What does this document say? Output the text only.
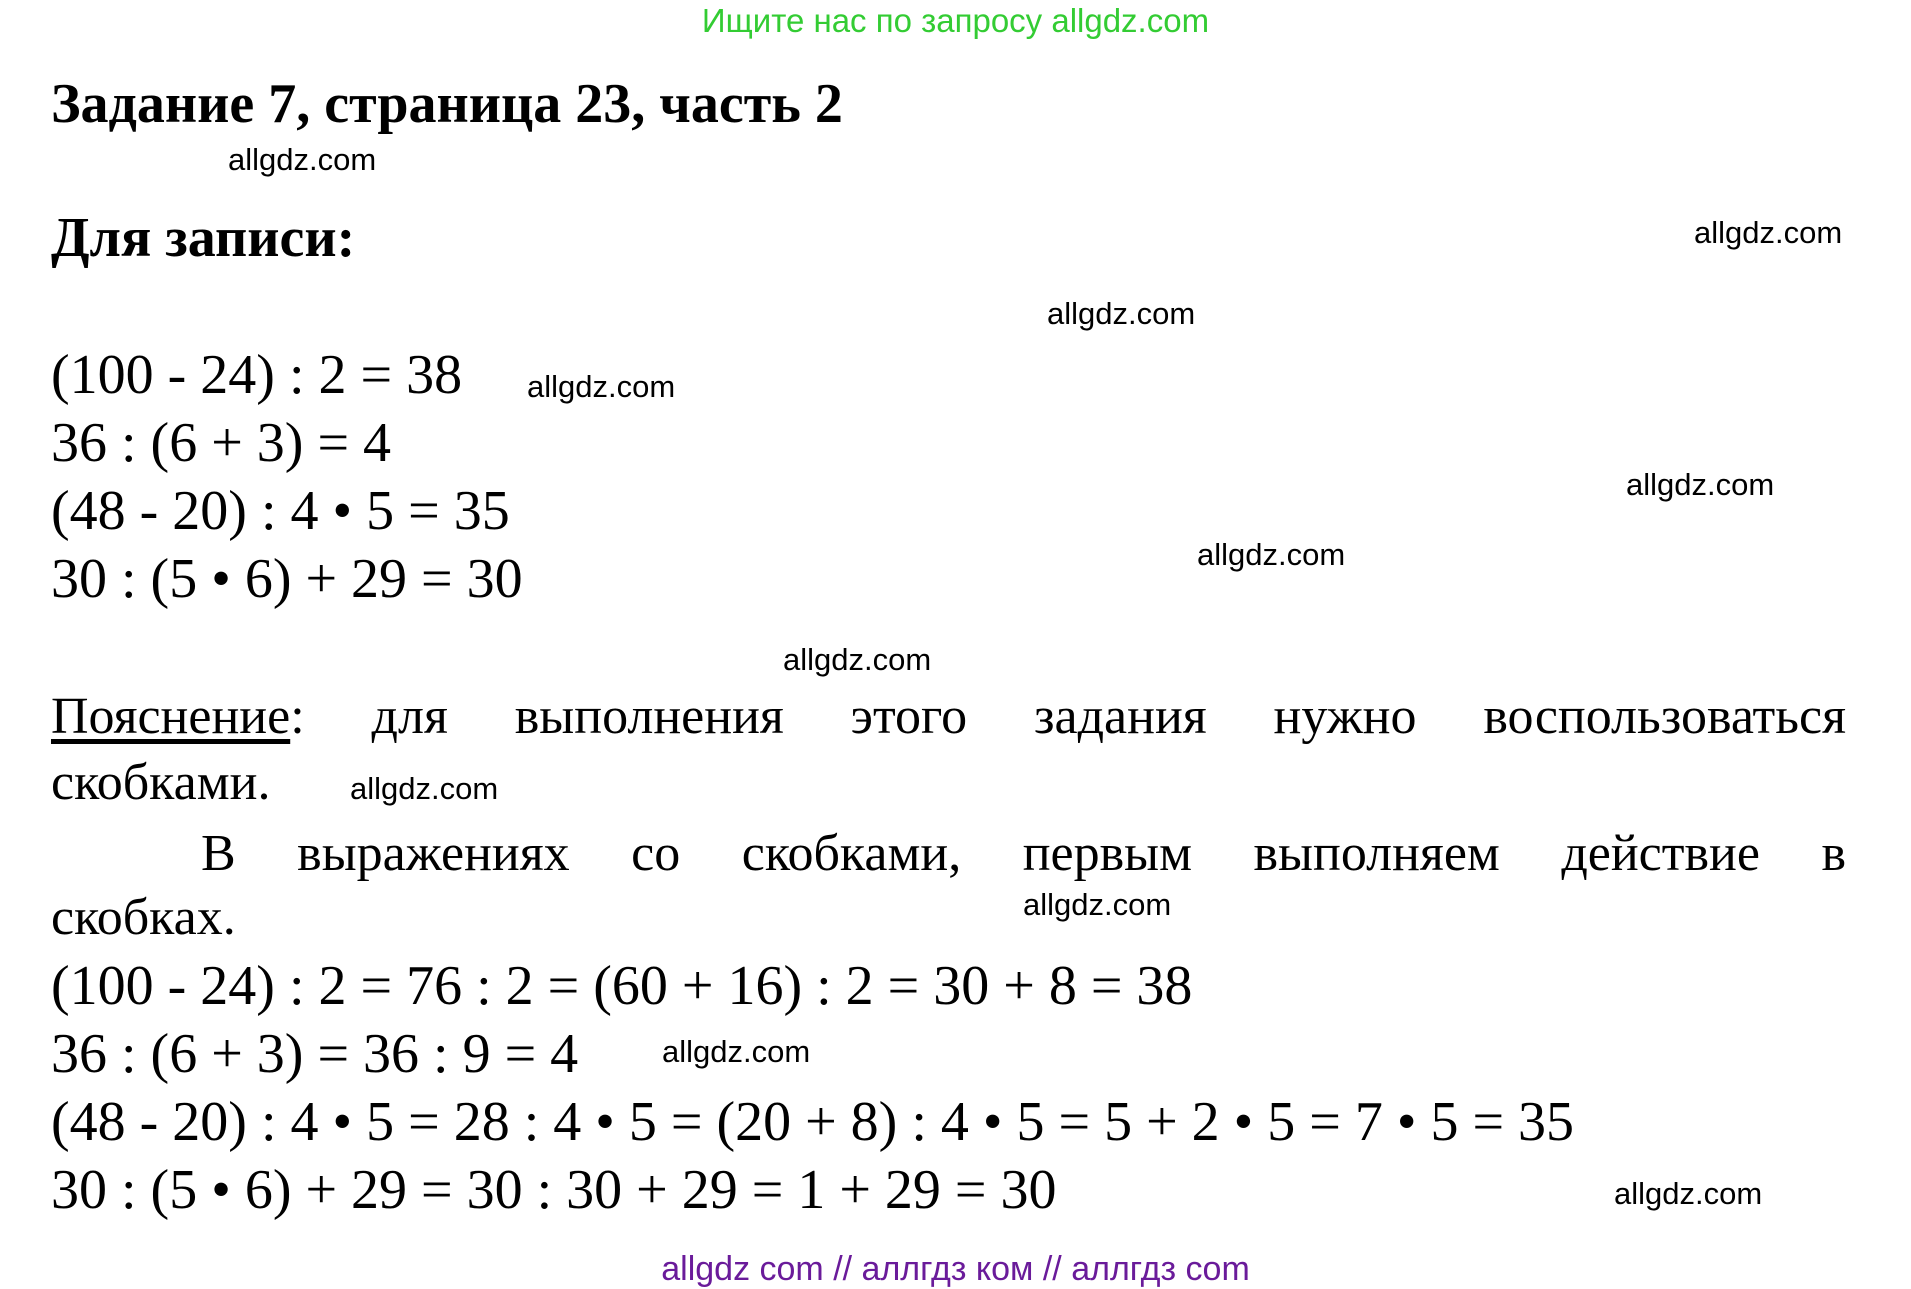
Ищите нас по запросу allgdz.com
Задание 7, страница 23, часть 2
allgdz.com
Для записи:	allgdz.com
allgdz.com
(100 - 24) : 2 = 38
36 : (6 + 3) = 4
(48 - 20) : 4 • 5 = 35
30 : (5 • 6) + 29 = 30
allgdz.com
allgdz.com
allgdz.com
allgdz.com
Пояснение: для выполнения этого задания нужно воспользоваться
скобками.
В выражениях со скобками, первым выполняем действие в
скобках.
allgdz.com
allgdz.com
(100 - 24) : 2 = 76 : 2 = (60 + 16) : 2 = 30 + 8 = 38
36 : (6 + 3) = 36 : 9 = 4
(48 - 20) : 4 • 5 = 28 : 4 • 5 = (20 + 8) : 4 • 5 = 5 + 2 • 5 = 7 • 5 = 35
30 : (5 • 6) + 29 = 30 : 30 + 29 = 1 + 29 = 30
allgdz.com
allgdz.com
allgdz com // аллгдз ком // аллгдз com
